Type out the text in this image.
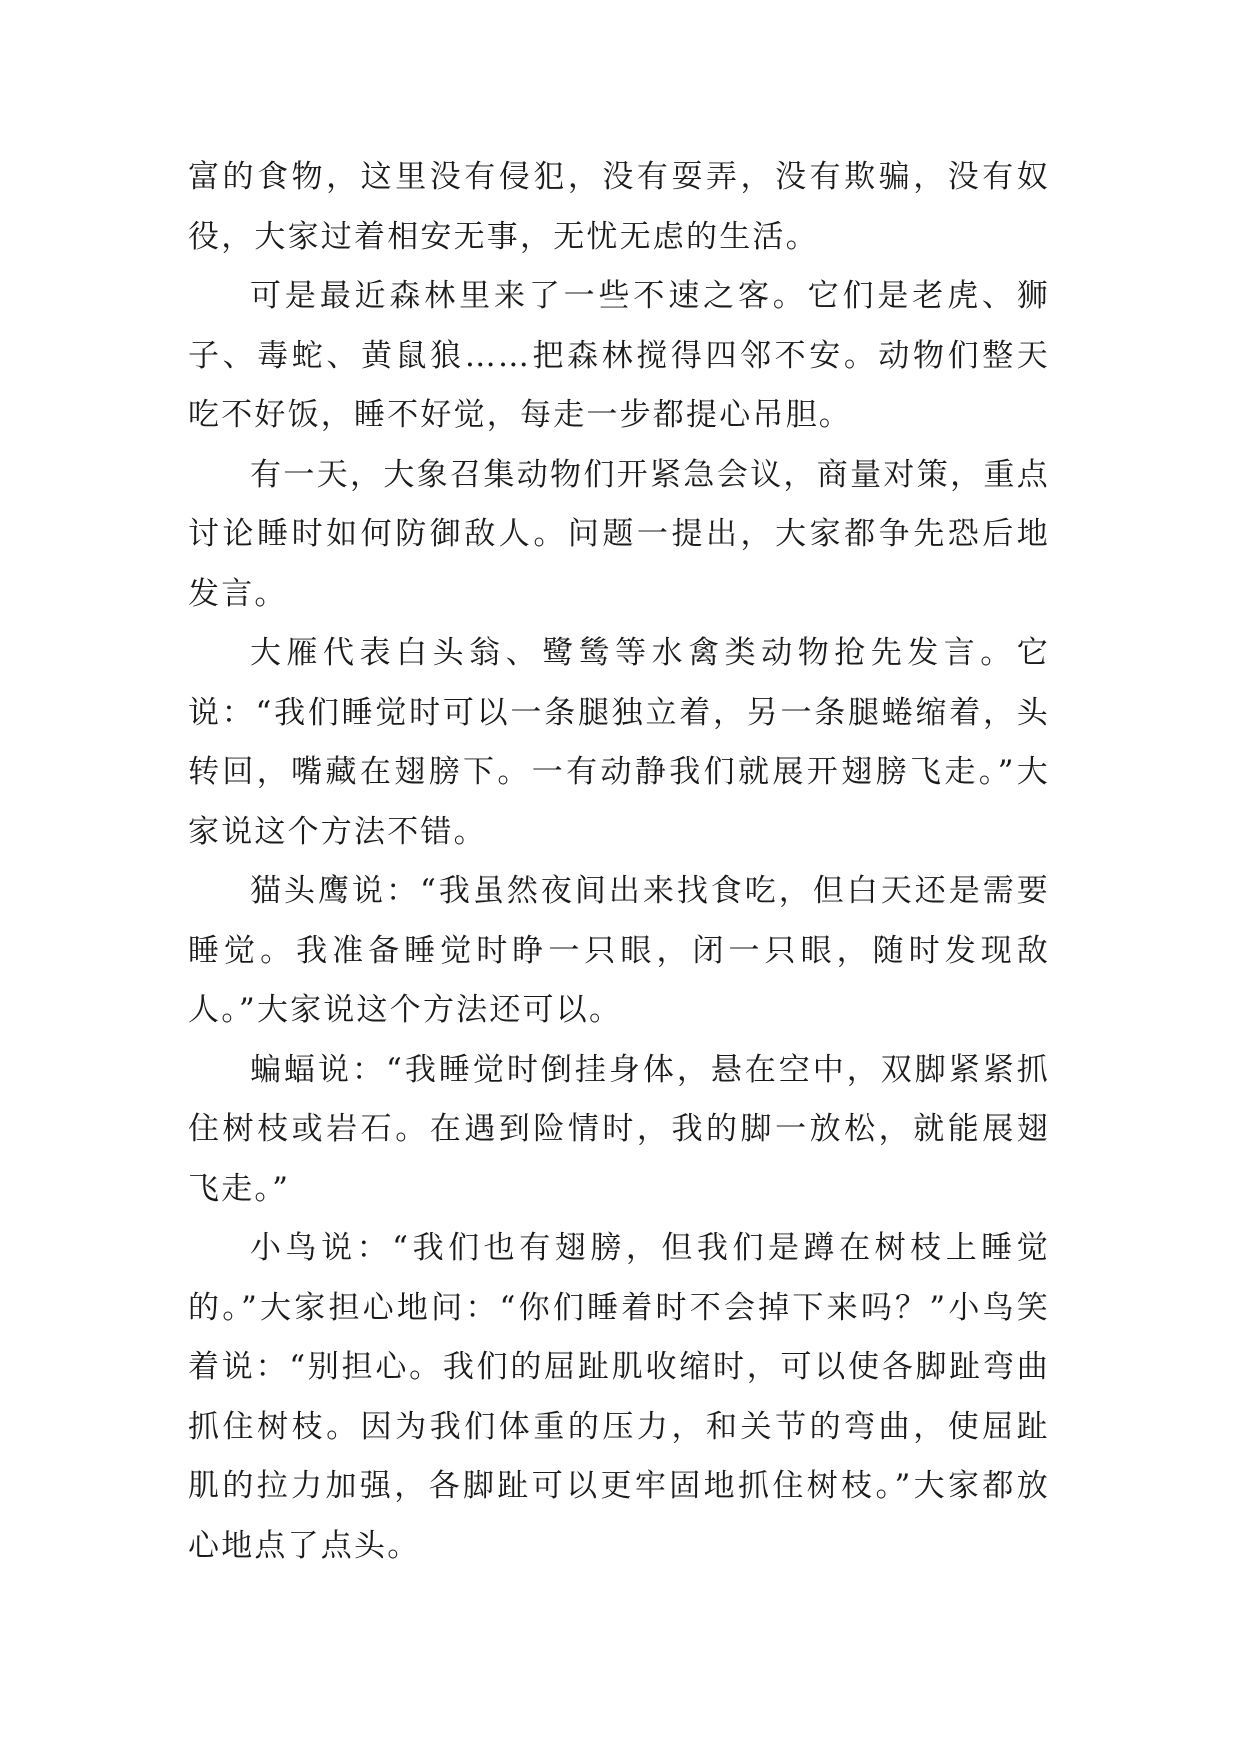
富的食物，这里没有侵犯，没有耍弄，没有欺骗，没有奴役，大家过着相安无事，无忧无虑的生活。

可是最近森林里来了一些不速之客。它们是老虎、狮子、毒蛇、黄鼠狼……把森林搅得四邻不安。动物们整天吃不好饭，睡不好觉，每走一步都提心吊胆。

有一天，大象召集动物们开紧急会议，商量对策，重点讨论睡时如何防御敌人。问题一提出，大家都争先恐后地发言。

大雁代表白头翁、鹭鸶等水禽类动物抢先发言。它说：“我们睡觉时可以一条腿独立着，另一条腿蜷缩着，头转回，嘴藏在翅膀下。一有动静我们就展开翅膀飞走。”大家说这个方法不错。

猫头鹰说：“我虽然夜间出来找食吃，但白天还是需要睡觉。我准备睡觉时睁一只眼，闭一只眼，随时发现敌人。”大家说这个方法还可以。

蝙蝠说：“我睡觉时倒挂身体，悬在空中，双脚紧紧抓住树枝或岩石。在遇到险情时，我的脚一放松，就能展翅飞走。”

小鸟说：“我们也有翅膀，但我们是蹲在树枝上睡觉的。”大家担心地问：“你们睡着时不会掉下来吗？”小鸟笑着说：“别担心。我们的屈趾肌收缩时，可以使各脚趾弯曲抓住树枝。因为我们体重的压力，和关节的弯曲，使屈趾肌的拉力加强，各脚趾可以更牢固地抓住树枝。”大家都放心地点了点头。
